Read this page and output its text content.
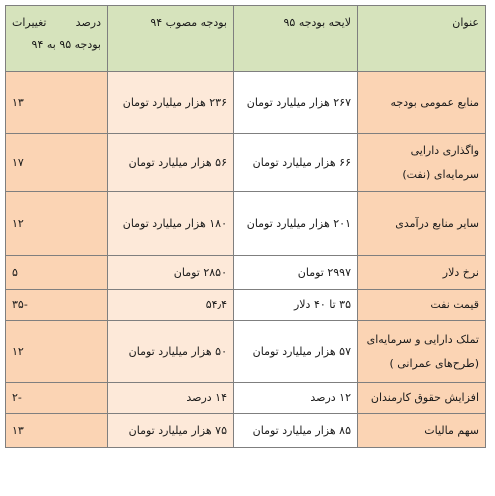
عنوان	لایحه بودجه ۹۵	بودجه مصوب ۹۴	درصد تغییرات بودجه ۹۵ به ۹۴
منابع عمومی بودجه	۲۶۷ هزار میلیارد تومان	۲۳۶ هزار میلیارد تومان	۱۳
واگذاری دارایی سرمایه‌ای (نفت)	۶۶ هزار میلیارد تومان	۵۶ هزار میلیارد تومان	۱۷
سایر منابع درآمدی	۲۰۱ هزار میلیارد تومان	۱۸۰ هزار میلیارد تومان	۱۲
نرخ دلار	۲۹۹۷ تومان	۲۸۵۰ تومان	۵
قیمت نفت	۳۵ تا ۴۰ دلار	۵۴٫۴	-۳۵
تملک دارایی و سرمایه‌ای (طرح‌های عمرانی )	۵۷ هزار میلیارد تومان	۵۰ هزار میلیارد تومان	۱۲
افزایش حقوق کارمندان	۱۲ درصد	۱۴ درصد	-۲
سهم مالیات	۸۵ هزار میلیارد تومان	۷۵ هزار میلیارد تومان	۱۳
